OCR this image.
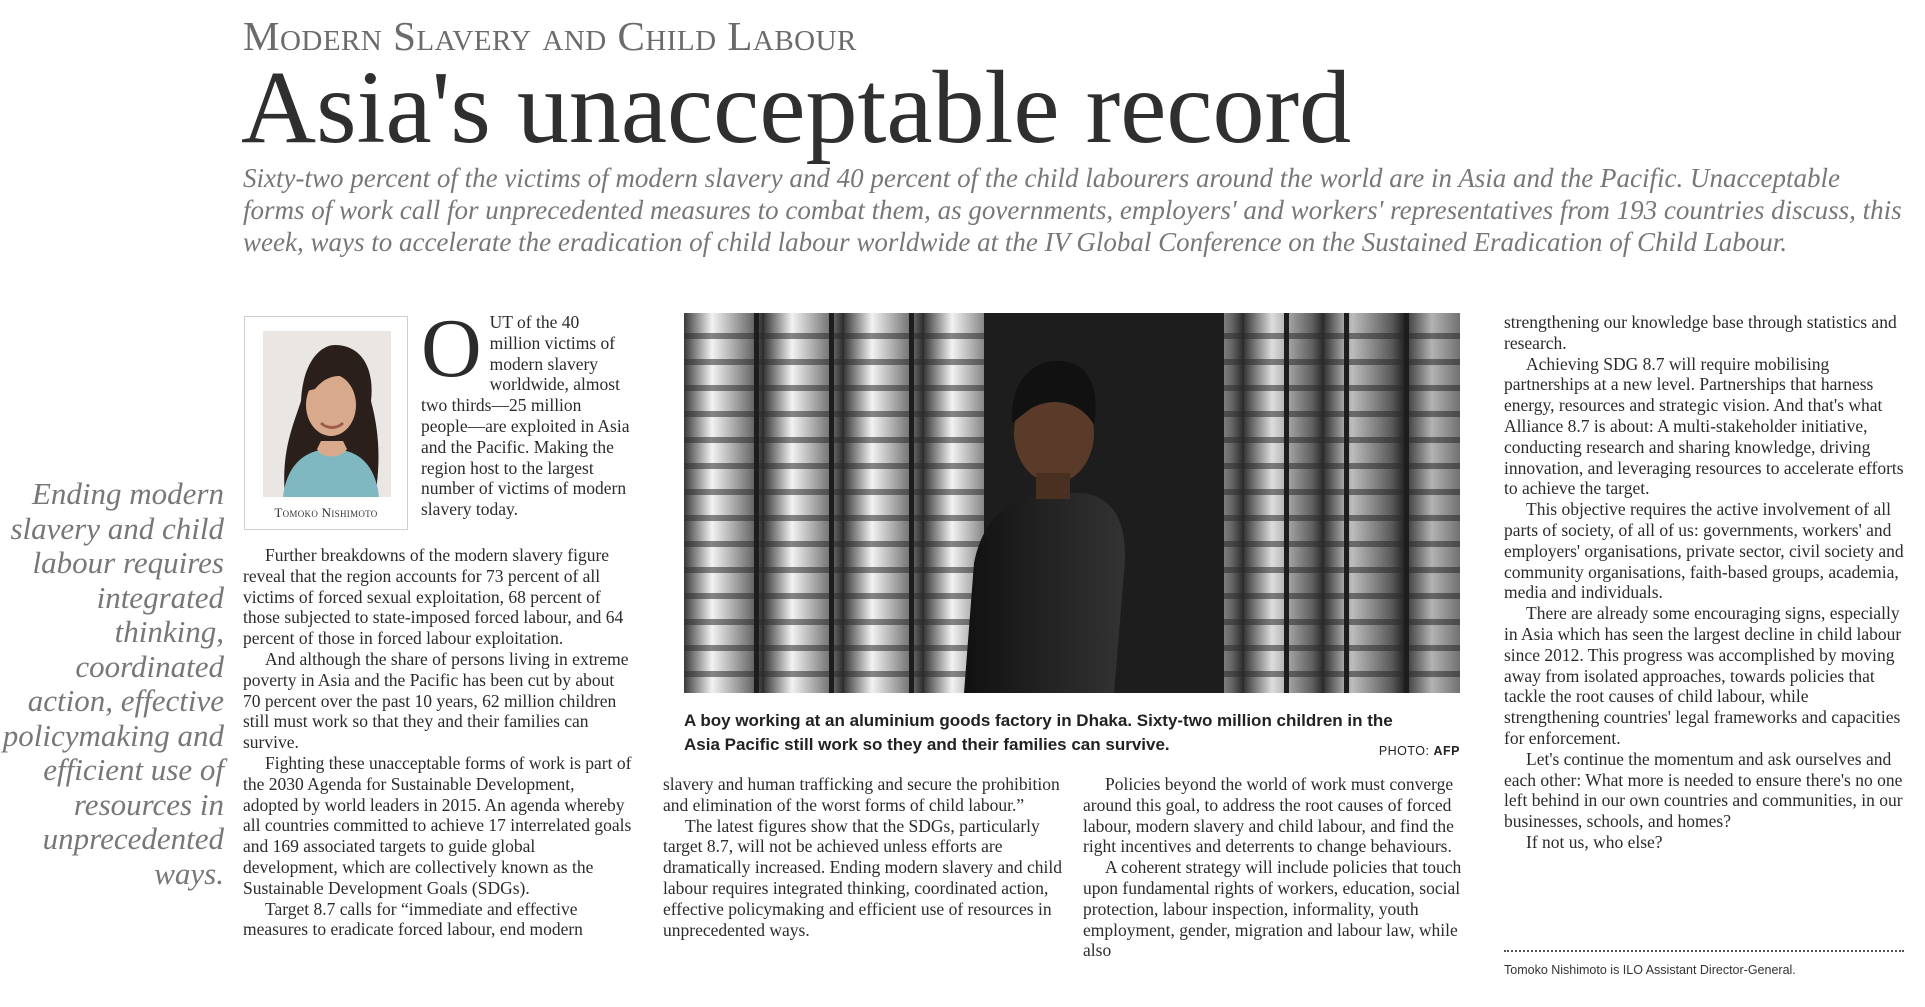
Modern Slavery and Child Labour
Asia's unacceptable record
Sixty-two percent of the victims of modern slavery and 40 percent of the child labourers around the world are in Asia and the Pacific. Unacceptable forms of work call for unprecedented measures to combat them, as governments, employers' and workers' representatives from 193 countries discuss, this week, ways to accelerate the eradication of child labour worldwide at the IV Global Conference on the Sustained Eradication of Child Labour.
Ending modern slavery and child labour requires integrated thinking, coordinated action, effective policymaking and efficient use of resources in unprecedented ways.
Tomoko Nishimoto

OUT of the 40 million victims of modern slavery worldwide, almost two thirds—25 million people—are exploited in Asia and the Pacific. Making the region host to the largest number of victims of modern slavery today.

Further breakdowns of the modern slavery figure reveal that the region accounts for 73 percent of all victims of forced sexual exploitation, 68 percent of those subjected to state-imposed forced labour, and 64 percent of those in forced labour exploitation.

And although the share of persons living in extreme poverty in Asia and the Pacific has been cut by about 70 percent over the past 10 years, 62 million children still must work so that they and their families can survive.

Fighting these unacceptable forms of work is part of the 2030 Agenda for Sustainable Development, adopted by world leaders in 2015. An agenda whereby all countries committed to achieve 17 interrelated goals and 169 associated targets to guide global development, which are collectively known as the Sustainable Development Goals (SDGs).

Target 8.7 calls for “immediate and effective measures to eradicate forced labour, end modern

A boy working at an aluminium goods factory in Dhaka. Sixty-two million children in the Asia Pacific still work so they and their families can survive.	PHOTO: AFP

slavery and human trafficking and secure the prohibition and elimination of the worst forms of child labour.”

The latest figures show that the SDGs, particularly target 8.7, will not be achieved unless efforts are dramatically increased. Ending modern slavery and child labour requires integrated thinking, coordinated action, effective policymaking and efficient use of resources in unprecedented ways.

Policies beyond the world of work must converge around this goal, to address the root causes of forced labour, modern slavery and child labour, and find the right incentives and deterrents to change behaviours.

A coherent strategy will include policies that touch upon fundamental rights of workers, education, social protection, labour inspection, informality, youth employment, gender, migration and labour law, while also

strengthening our knowledge base through statistics and research.

Achieving SDG 8.7 will require mobilising partnerships at a new level. Partnerships that harness energy, resources and strategic vision. And that's what Alliance 8.7 is about: A multi-stakeholder initiative, conducting research and sharing knowledge, driving innovation, and leveraging resources to accelerate efforts to achieve the target.

This objective requires the active involvement of all parts of society, of all of us: governments, workers' and employers' organisations, private sector, civil society and community organisations, faith-based groups, academia, media and individuals.

There are already some encouraging signs, especially in Asia which has seen the largest decline in child labour since 2012. This progress was accomplished by moving away from isolated approaches, towards policies that tackle the root causes of child labour, while strengthening countries' legal frameworks and capacities for enforcement.

Let's continue the momentum and ask ourselves and each other: What more is needed to ensure there's no one left behind in our own countries and communities, in our businesses, schools, and homes?

If not us, who else?

Tomoko Nishimoto is ILO Assistant Director-General.
